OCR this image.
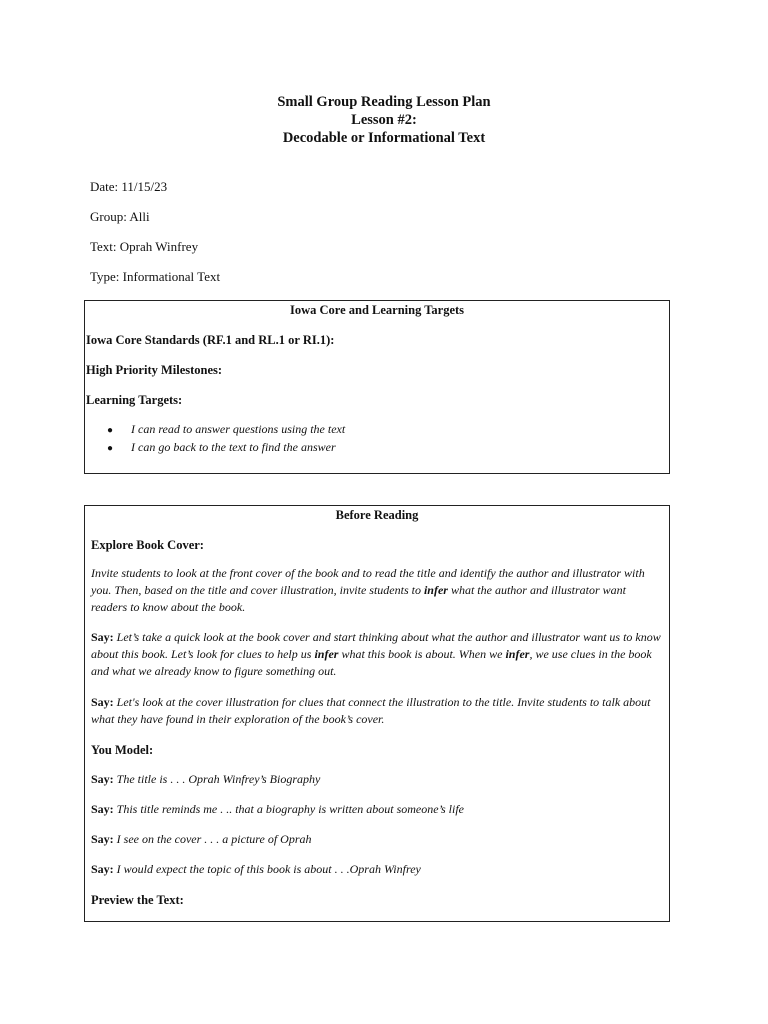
Small Group Reading Lesson Plan
Lesson #2:
Decodable or Informational Text
Date: 11/15/23
Group: Alli
Text: Oprah Winfrey
Type: Informational Text
Iowa Core and Learning Targets
Iowa Core Standards (RF.1 and RL.1 or RI.1):
High Priority Milestones:
Learning Targets:
● I can read to answer questions using the text
● I can go back to the text to find the answer
Before Reading
Explore Book Cover:
Invite students to look at the front cover of the book and to read the title and identify the author and illustrator with you. Then, based on the title and cover illustration, invite students to infer what the author and illustrator want readers to know about the book.
Say: Let’s take a quick look at the book cover and start thinking about what the author and illustrator want us to know about this book. Let’s look for clues to help us infer what this book is about. When we infer, we use clues in the book and what we already know to figure something out.
Say: Let's look at the cover illustration for clues that connect the illustration to the title. Invite students to talk about what they have found in their exploration of the book’s cover.
You Model:
Say: The title is . . . Oprah Winfrey’s Biography
Say: This title reminds me . .. that a biography is written about someone’s life
Say: I see on the cover . . . a picture of Oprah
Say: I would expect the topic of this book is about . . .Oprah Winfrey
Preview the Text:
